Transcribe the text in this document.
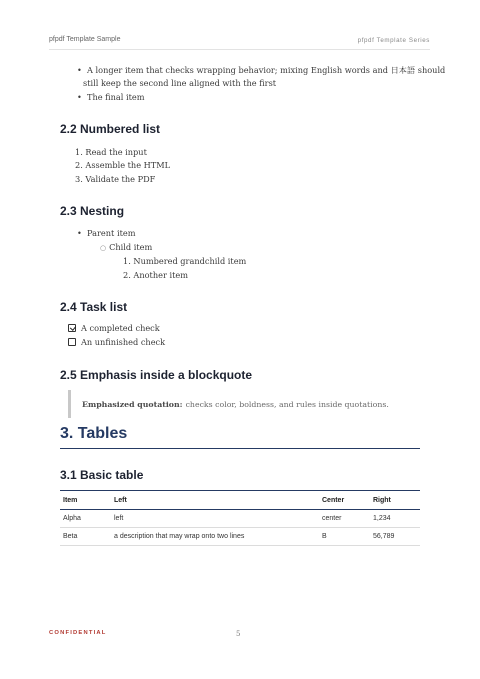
pfpdf Template Sample	pfpdf Template Series
• A longer item that checks wrapping behavior; mixing English words and 日本語 should
still keep the second line aligned with the first
• The final item
2.2 Numbered list
1. Read the input
2. Assemble the HTML
3. Validate the PDF
2.3 Nesting
• Parent item
○ Child item
1. Numbered grandchild item
2. Another item
2.4 Task list
A completed check
An unfinished check
2.5 Emphasis inside a blockquote
Emphasized quotation: checks color, boldness, and rules inside quotations.
3. Tables
3.1 Basic table
Item	Left	Center	Right
Alpha	left	center	1,234
Beta	a description that may wrap onto two lines	B	56,789
CONFIDENTIAL	5
